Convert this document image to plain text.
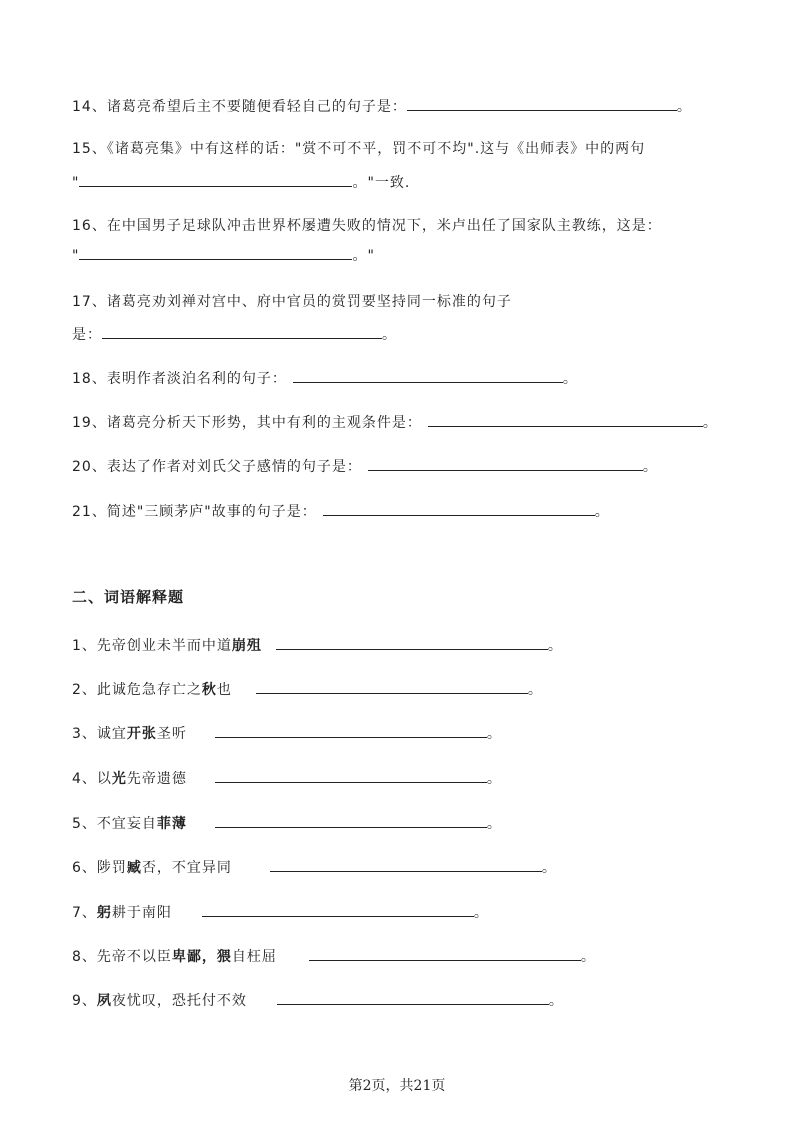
14、诸葛亮希望后主不要随便看轻自己的句子是：	。
15、《诸葛亮集》中有这样的话："赏不可不平，罚不可不均".这与《出师表》中的两句
"	。"一致.
16、在中国男子足球队冲击世界杯屡遭失败的情况下，米卢出任了国家队主教练，这是：
"	。"
17、诸葛亮劝刘禅对宫中、府中官员的赏罚要坚持同一标准的句子
是：	。
18、表明作者淡泊名利的句子：	。
19、诸葛亮分析天下形势，其中有利的主观条件是：	。
20、表达了作者对刘氏父子感情的句子是：	。
21、简述"三顾茅庐"故事的句子是：	。
二、词语解释题
1、先帝创业未半而中道崩殂	。
2、此诚危急存亡之秋也	。
3、诚宜开张圣听	。
4、以光先帝遗德	。
5、不宜妄自菲薄	。
6、陟罚臧否，不宜异同	。
7、躬耕于南阳	。
8、先帝不以臣卑鄙，猥自枉屈	。
9、夙夜忧叹，恐托付不效	。
第2页，共21页
